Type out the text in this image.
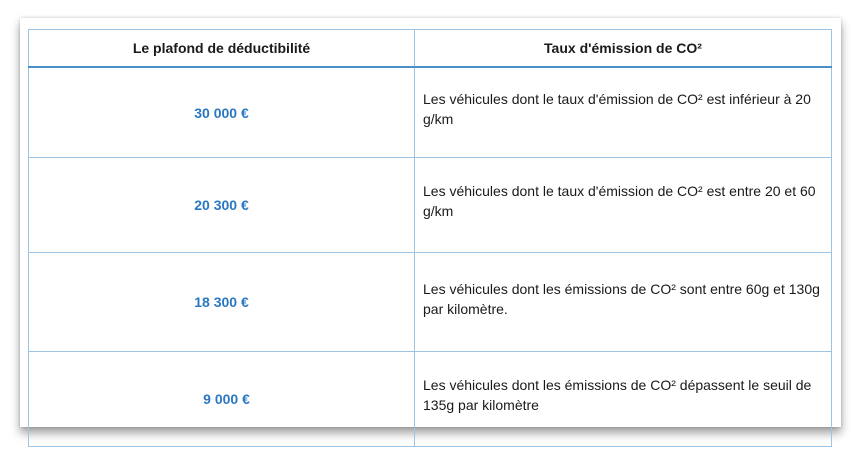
Le plafond de déductibilité	Taux d'émission de CO²
30 000 €	Les véhicules dont le taux d'émission de CO² est inférieur à 20 g/km
20 300 €	Les véhicules dont le taux d'émission de CO² est entre 20 et 60 g/km
18 300 €	Les véhicules dont les émissions de CO² sont entre 60g et 130g par kilomètre.
9 000 €	Les véhicules dont les émissions de CO² dépassent le seuil de 135g par kilomètre
